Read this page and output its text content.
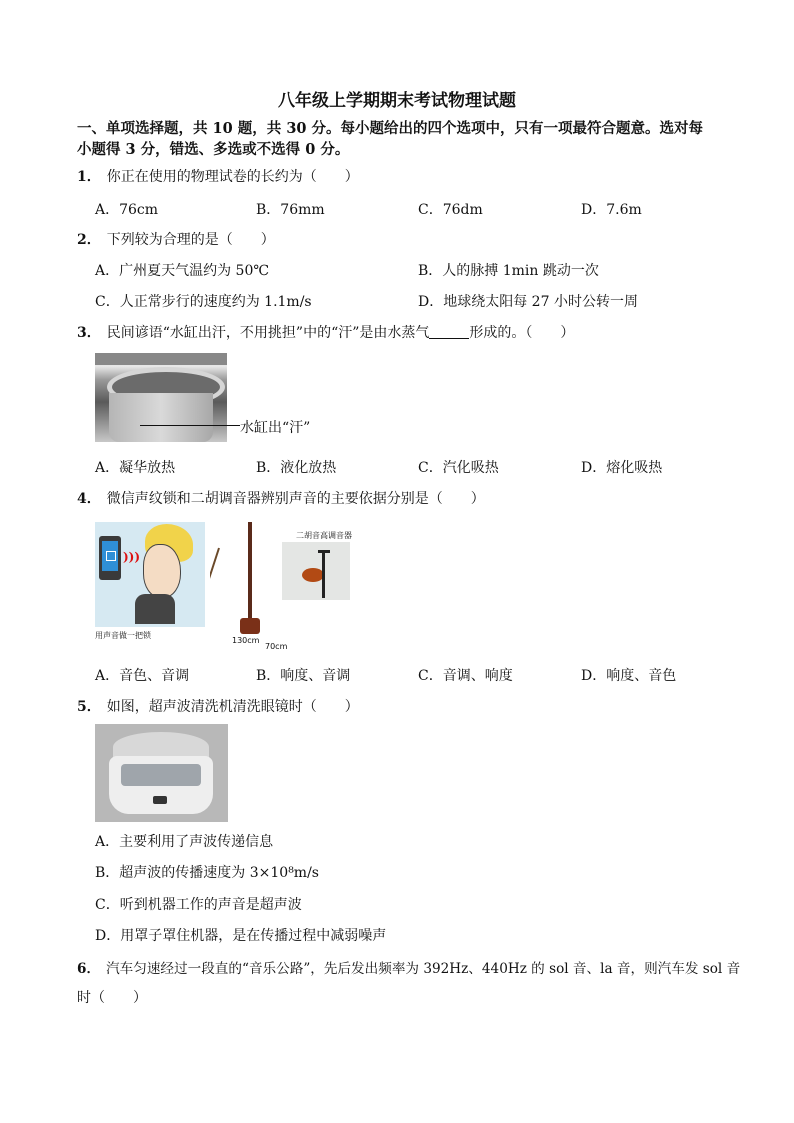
八年级上学期期末考试物理试题
一、单项选择题，共 10 题，共 30 分。每小题给出的四个选项中，只有一项最符合题意。选对每
小题得 3 分，错选、多选或不选得 0 分。
1． 你正在使用的物理试卷的长约为（　　）
A．76cm	B．76mm	C．76dm	D．7.6m
2． 下列较为合理的是（　　）
A．广州夏天气温约为 50℃	B．人的脉搏 1min 跳动一次
C．人正常步行的速度约为 1.1m/s	D．地球绕太阳每 27 小时公转一周
3． 民间谚语“水缸出汗，不用挑担”中的“汗”是由水蒸气	形成的。（　　）
水缸出“汗”
A．凝华放热	B．液化放热	C．汽化吸热	D．熔化吸热
4． 微信声纹锁和二胡调音器辨别声音的主要依据分别是（　　）
)))
用声音做一把锁
130cm
70cm
二胡音高调音器
A．音色、音调	B．响度、音调	C．音调、响度	D．响度、音色
5． 如图，超声波清洗机清洗眼镜时（　　）
A．主要利用了声波传递信息
B．超声波的传播速度为 3×10⁸m/s
C．听到机器工作的声音是超声波
D．用罩子罩住机器，是在传播过程中减弱噪声
6． 汽车匀速经过一段直的“音乐公路”，先后发出频率为 392Hz、440Hz 的 sol 音、la 音，则汽车发 sol 音
时（　　）
